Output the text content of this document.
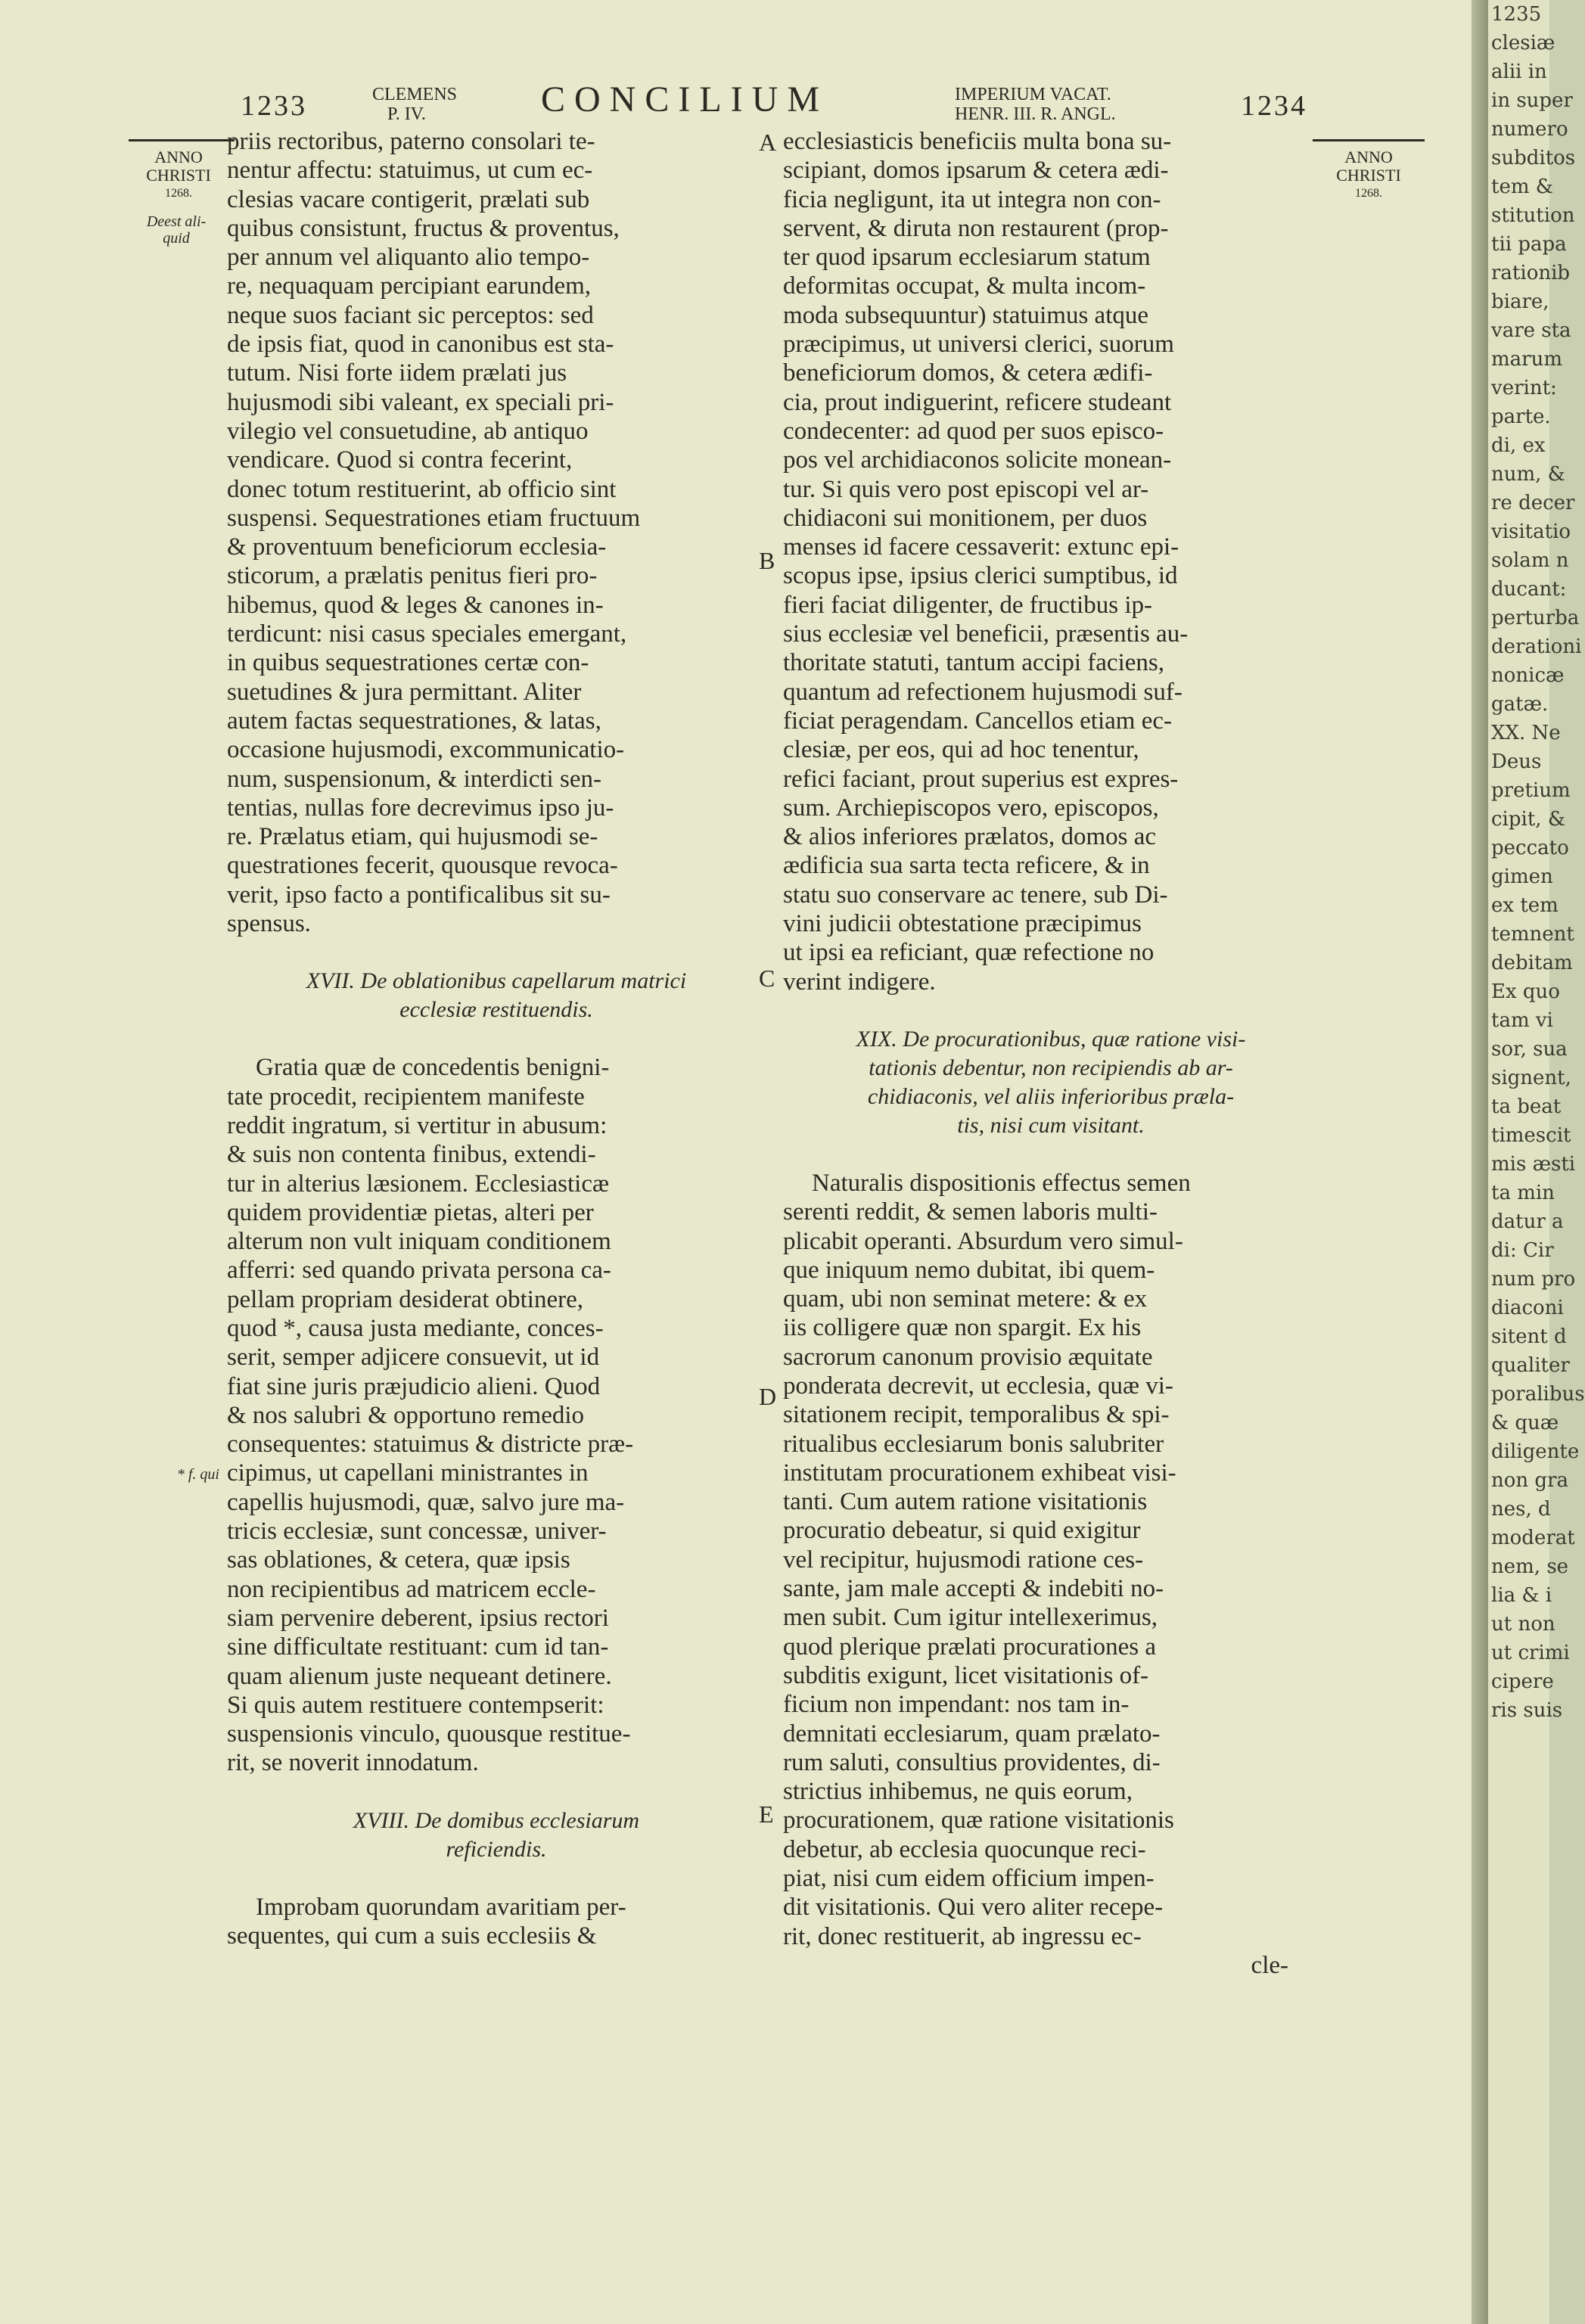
1233	CLEMENS
P. IV.	CONCILIUM	IMPERIUM VACAT.
HENR. III. R. ANGL.	1234
ANNO
CHRISTI
1268.
ANNO
CHRISTI
1268.
Deest ali-
quid
* f. qui
A
B
C
D
E
priis rectoribus, paterno consolari te-
nentur affectu: statuimus, ut cum ec-
clesias vacare contigerit, prælati sub
quibus consistunt, fructus & proventus,
per annum vel aliquanto alio tempo-
re, nequaquam percipiant earundem,
neque suos faciant sic perceptos: sed
de ipsis fiat, quod in canonibus est sta-
tutum. Nisi forte iidem prælati jus
hujusmodi sibi valeant, ex speciali pri-
vilegio vel consuetudine, ab antiquo
vendicare. Quod si contra fecerint,
donec totum restituerint, ab officio sint
suspensi. Sequestrationes etiam fructuum
& proventuum beneficiorum ecclesia-
sticorum, a prælatis penitus fieri pro-
hibemus, quod & leges & canones in-
terdicunt: nisi casus speciales emergant,
in quibus sequestrationes certæ con-
suetudines & jura permittant. Aliter
autem factas sequestrationes, & latas,
occasione hujusmodi, excommunicatio-
num, suspensionum, & interdicti sen-
tentias, nullas fore decrevimus ipso ju-
re. Prælatus etiam, qui hujusmodi se-
questrationes fecerit, quousque revoca-
verit, ipso facto a pontificalibus sit su-
spensus.
XVII. De oblationibus capellarum matrici
ecclesiæ restituendis.
Gratia quæ de concedentis benigni-
tate procedit, recipientem manifeste
reddit ingratum, si vertitur in abusum:
& suis non contenta finibus, extendi-
tur in alterius læsionem. Ecclesiasticæ
quidem providentiæ pietas, alteri per
alterum non vult iniquam conditionem
afferri: sed quando privata persona ca-
pellam propriam desiderat obtinere,
quod *, causa justa mediante, conces-
serit, semper adjicere consuevit, ut id
fiat sine juris præjudicio alieni. Quod
& nos salubri & opportuno remedio
consequentes: statuimus & districte præ-
cipimus, ut capellani ministrantes in
capellis hujusmodi, quæ, salvo jure ma-
tricis ecclesiæ, sunt concessæ, univer-
sas oblationes, & cetera, quæ ipsis
non recipientibus ad matricem eccle-
siam pervenire deberent, ipsius rectori
sine difficultate restituant: cum id tan-
quam alienum juste nequeant detinere.
Si quis autem restituere contempserit:
suspensionis vinculo, quousque restitue-
rit, se noverit innodatum.
XVIII. De domibus ecclesiarum
reficiendis.
Improbam quorundam avaritiam per-
sequentes, qui cum a suis ecclesiis &
ecclesiasticis beneficiis multa bona su-
scipiant, domos ipsarum & cetera ædi-
ficia negligunt, ita ut integra non con-
servent, & diruta non restaurent (prop-
ter quod ipsarum ecclesiarum statum
deformitas occupat, & multa incom-
moda subsequuntur) statuimus atque
præcipimus, ut universi clerici, suorum
beneficiorum domos, & cetera ædifi-
cia, prout indiguerint, reficere studeant
condecenter: ad quod per suos episco-
pos vel archidiaconos solicite monean-
tur. Si quis vero post episcopi vel ar-
chidiaconi sui monitionem, per duos
menses id facere cessaverit: extunc epi-
scopus ipse, ipsius clerici sumptibus, id
fieri faciat diligenter, de fructibus ip-
sius ecclesiæ vel beneficii, præsentis au-
thoritate statuti, tantum accipi faciens,
quantum ad refectionem hujusmodi suf-
ficiat peragendam. Cancellos etiam ec-
clesiæ, per eos, qui ad hoc tenentur,
refici faciant, prout superius est expres-
sum. Archiepiscopos vero, episcopos,
& alios inferiores prælatos, domos ac
ædificia sua sarta tecta reficere, & in
statu suo conservare ac tenere, sub Di-
vini judicii obtestatione præcipimus
ut ipsi ea reficiant, quæ refectione no
verint indigere.
XIX. De procurationibus, quæ ratione visi-
tationis debentur, non recipiendis ab ar-
chidiaconis, vel aliis inferioribus præla-
tis, nisi cum visitant.
Naturalis dispositionis effectus semen
serenti reddit, & semen laboris multi-
plicabit operanti. Absurdum vero simul-
que iniquum nemo dubitat, ibi quem-
quam, ubi non seminat metere: & ex
iis colligere quæ non spargit. Ex his
sacrorum canonum provisio æquitate
ponderata decrevit, ut ecclesia, quæ vi-
sitationem recipit, temporalibus & spi-
ritualibus ecclesiarum bonis salubriter
institutam procurationem exhibeat visi-
tanti. Cum autem ratione visitationis
procuratio debeatur, si quid exigitur
vel recipitur, hujusmodi ratione ces-
sante, jam male accepti & indebiti no-
men subit. Cum igitur intellexerimus,
quod plerique prælati procurationes a
subditis exigunt, licet visitationis of-
ficium non impendant: nos tam in-
demnitati ecclesiarum, quam prælato-
rum saluti, consultius providentes, di-
strictius inhibemus, ne quis eorum,
procurationem, quæ ratione visitationis
debetur, ab ecclesia quocunque reci-
piat, nisi cum eidem officium impen-
dit visitationis. Qui vero aliter recepe-
rit, donec restituerit, ab ingressu ec-
cle-
1235
clesiæ
alii in
in super
numero
subditos
tem &
stitution
tii papa
rationib
biare,
vare sta
marum
verint:
parte.
di, ex
num, &
re decer
visitatio
solam n
ducant:
perturba
derationi
nonicæ
gatæ.
XX. Ne
Deus
pretium
cipit, &
peccato
gimen
ex tem
temnent
debitam
Ex quo
tam vi
sor, sua
signent,
ta beat
timescit
mis æsti
ta min
datur a
di: Cir
num pro
diaconi
sitent d
qualiter
poralibus
& quæ
diligente
non gra
nes, d
moderat
nem, se
lia & i
ut non
ut crimi
cipere
ris suis
